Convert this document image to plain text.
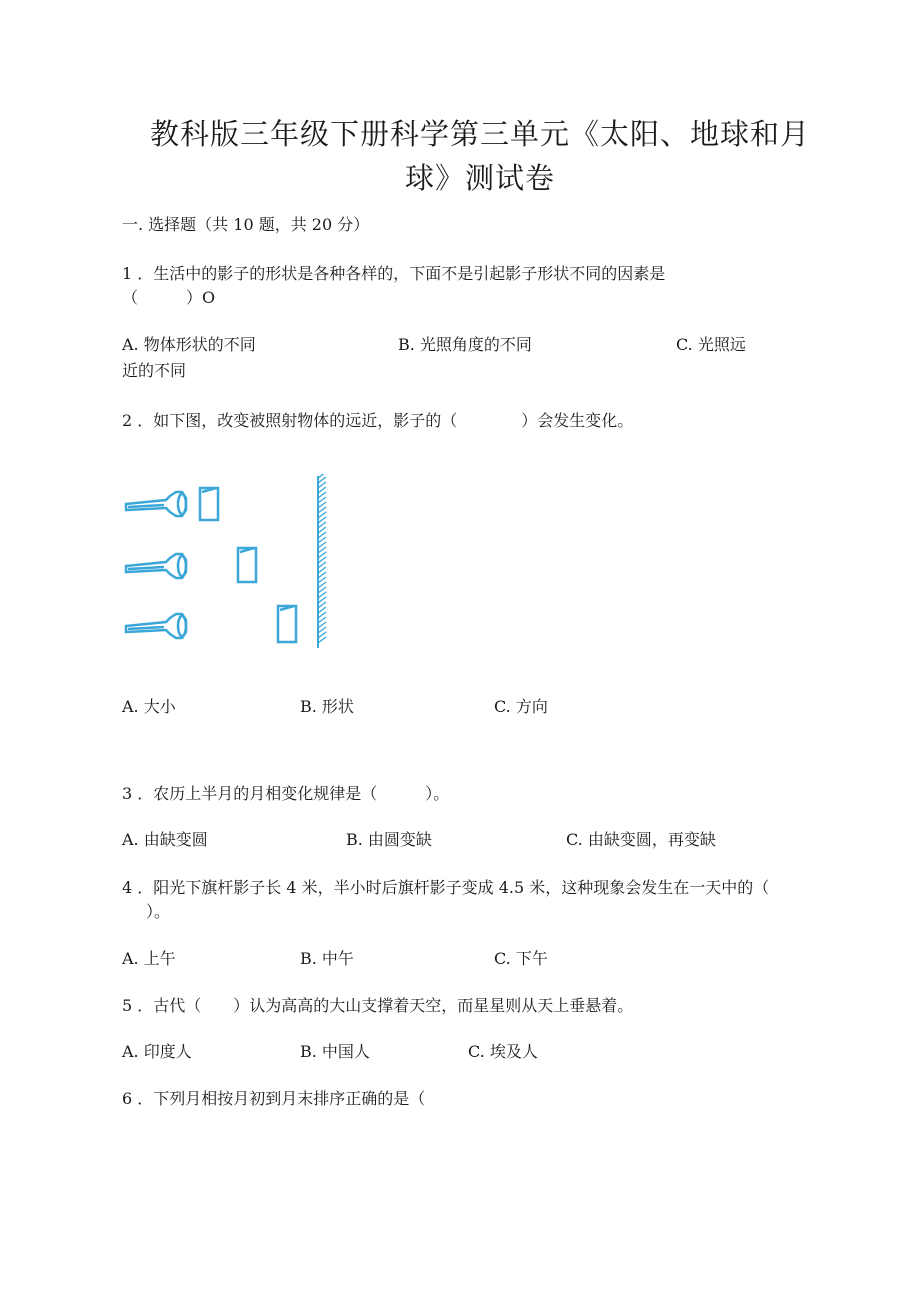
教科版三年级下册科学第三单元《太阳、地球和月
球》测试卷
一. 选择题（共 10 题，共 20 分）
1 ．生活中的影子的形状是各种各样的，下面不是引起影子形状不同的因素是
（　　　）O
A. 物体形状的不同	B. 光照角度的不同	C. 光照远
近的不同
2 ．如下图，改变被照射物体的远近，影子的（　　　　）会发生变化。
A. 大小	B. 形状	C. 方向
3 ．农历上半月的月相变化规律是（　　　）。
A. 由缺变圆	B. 由圆变缺	C. 由缺变圆，再变缺
4 ．阳光下旗杆影子长 4 米，半小时后旗杆影子变成 4.5 米，这种现象会发生在一天中的（
）。
A. 上午	B. 中午	C. 下午
5 ．古代（　　）认为高高的大山支撑着天空，而星星则从天上垂悬着。
A. 印度人	B. 中国人	C. 埃及人
6 ．下列月相按月初到月末排序正确的是（
